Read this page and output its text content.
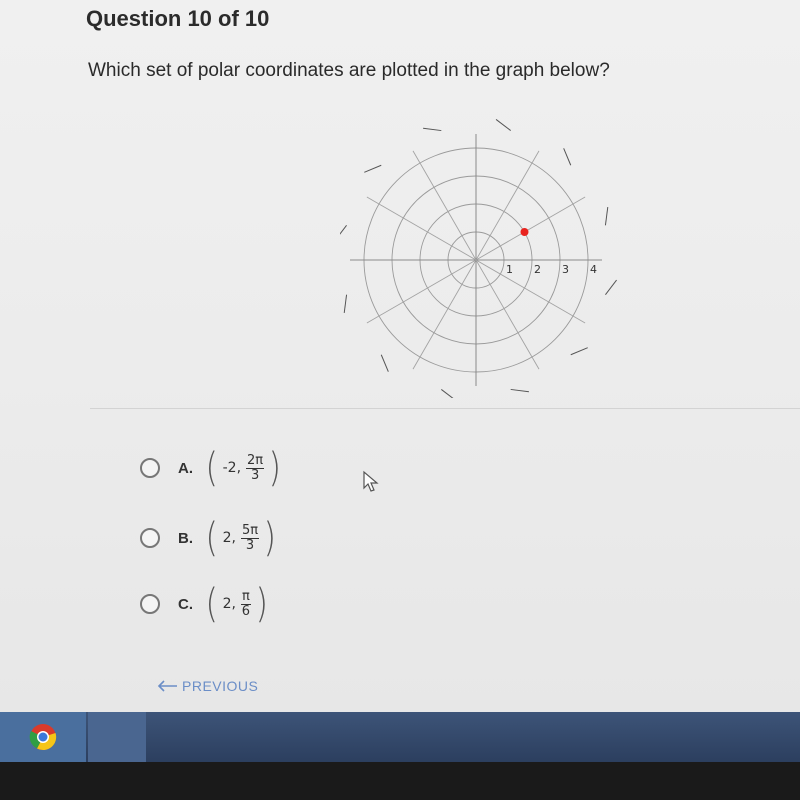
Question 10 of 10
Which set of polar coordinates are plotted in the graph below?
1 2 3 4
A. ( -2, $\frac{2\pi}{3}$ )
B. ( 2, $\frac{5\pi}{3}$ )
C. ( 2, $\frac{\pi}{6}$ )
PREVIOUS
